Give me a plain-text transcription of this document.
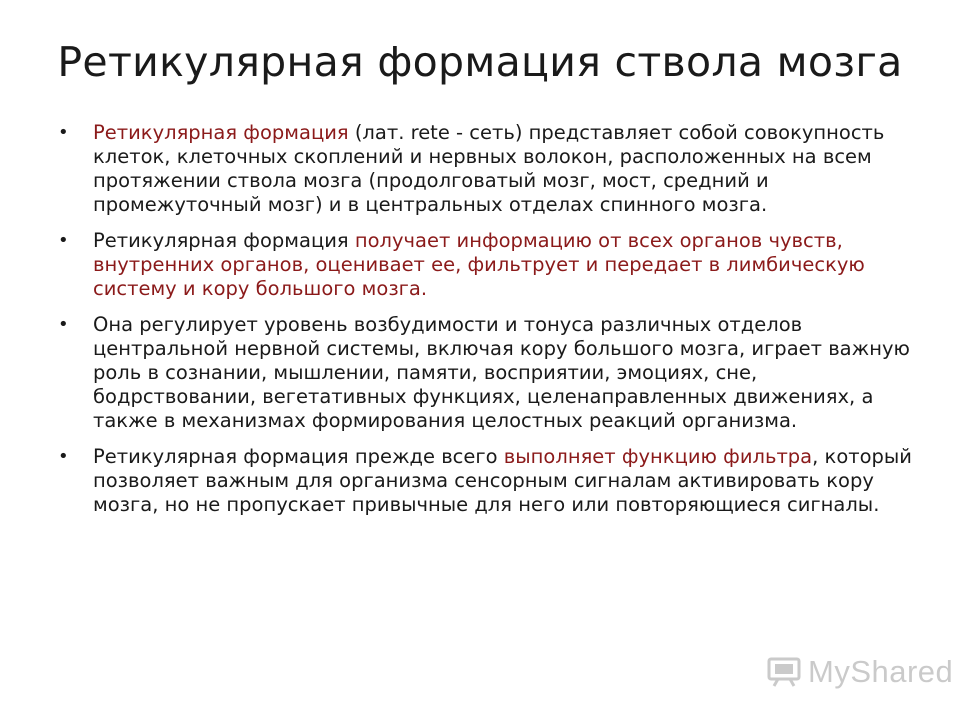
Ретикулярная формация ствола мозга
• Ретикулярная формация (лат. rete - сеть) представляет собой совокупность клеток, клеточных скоплений и нервных волокон, расположенных на всем протяжении ствола мозга (продолговатый мозг, мост, средний и промежуточный мозг) и в центральных отделах спинного мозга.
• Ретикулярная формация получает информацию от всех органов чувств, внутренних органов, оценивает ее, фильтрует и передает в лимбическую систему и кору большого мозга.
• Она регулирует уровень возбудимости и тонуса различных отделов центральной нервной системы, включая кору большого мозга, играет важную роль в сознании, мышлении, памяти, восприятии, эмоциях, сне, бодрствовании, вегетативных функциях, целенаправленных движениях, а также в механизмах формирования целостных реакций организма.
• Ретикулярная формация прежде всего выполняет функцию фильтра, который позволяет важным для организма сенсорным сигналам активировать кору мозга, но не пропускает привычные для него или повторяющиеся сигналы.
MyShared
